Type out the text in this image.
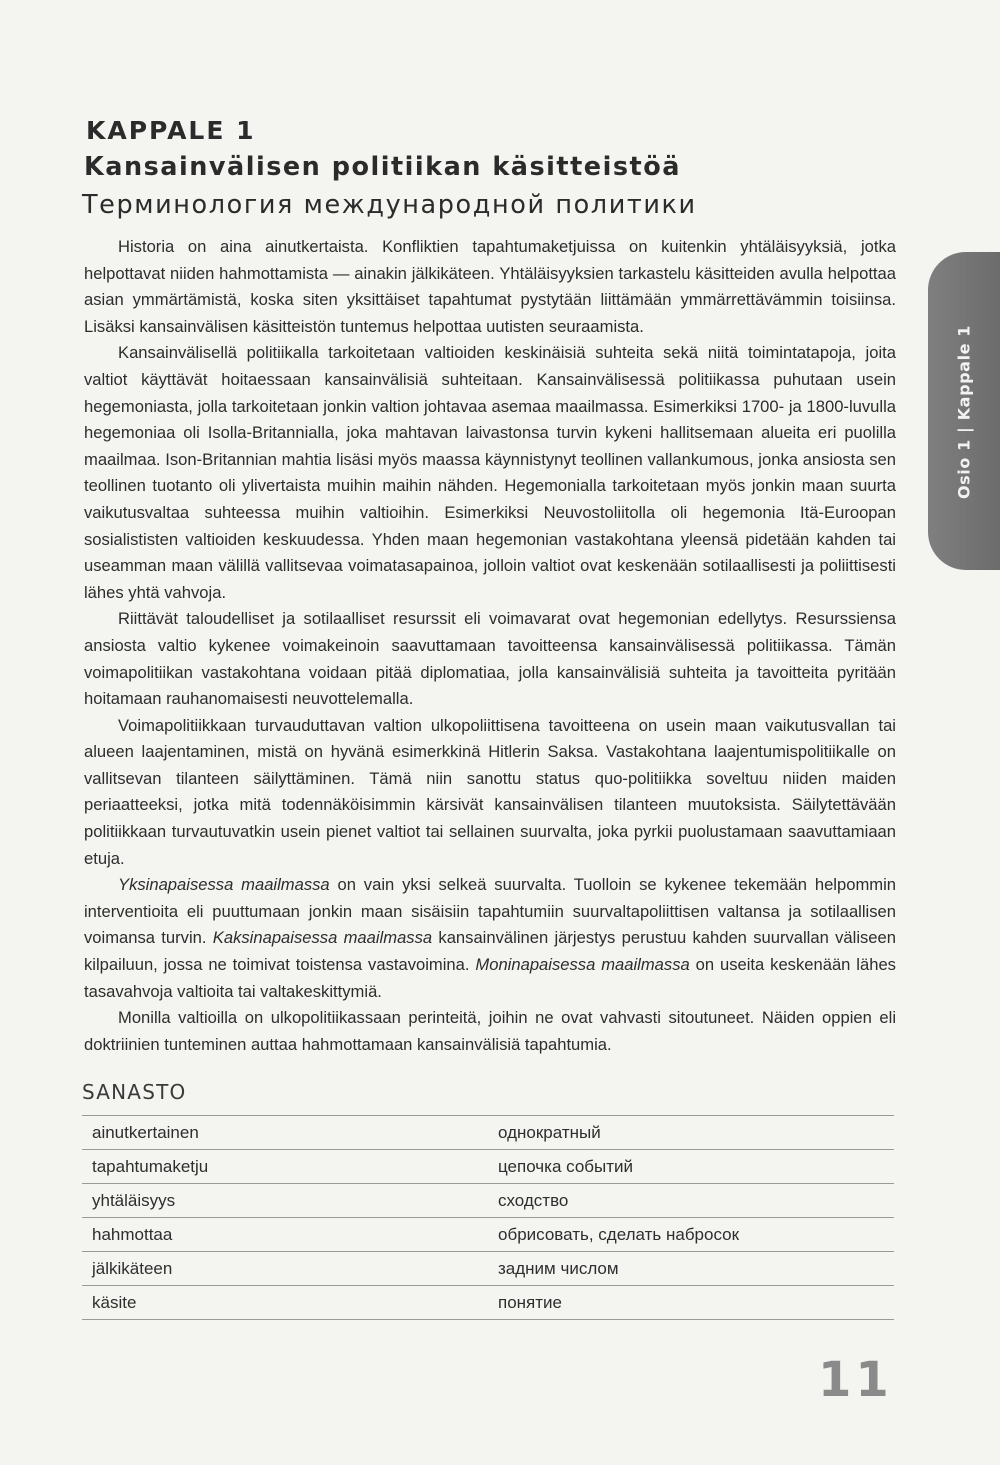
KAPPALE 1
Kansainvälisen politiikan käsitteistöä
Терминология международной политики
Osio 1 | Kappale 1

Historia on aina ainutkertaista. Konfliktien tapahtumaketjuissa on kuitenkin yhtäläisyyksiä, jotka helpottavat niiden hahmottamista — ainakin jälkikäteen. Yhtäläisyyksien tarkastelu käsitteiden avulla helpottaa asian ymmärtämistä, koska siten yksittäiset tapahtumat pystytään liittämään ymmärrettävämmin toisiinsa. Lisäksi kansainvälisen käsitteistön tuntemus helpottaa uutisten seuraamista.

Kansainvälisellä politiikalla tarkoitetaan valtioiden keskinäisiä suhteita sekä niitä toimintatapoja, joita valtiot käyttävät hoitaessaan kansainvälisiä suhteitaan. Kansainvälisessä politiikassa puhutaan usein hegemoniasta, jolla tarkoitetaan jonkin valtion johtavaa asemaa maailmassa. Esimerkiksi 1700- ja 1800-luvulla hegemoniaa oli Isolla-Britannialla, joka mahtavan laivastonsa turvin kykeni hallitsemaan alueita eri puolilla maailmaa. Ison-Britannian mahtia lisäsi myös maassa käynnistynyt teollinen vallankumous, jonka ansiosta sen teollinen tuotanto oli ylivertaista muihin maihin nähden. Hegemonialla tarkoitetaan myös jonkin maan suurta vaikutusvaltaa suhteessa muihin valtioihin. Esimerkiksi Neuvostoliitolla oli hegemonia Itä-Euroopan sosialististen valtioiden keskuudessa. Yhden maan hegemonian vastakohtana yleensä pidetään kahden tai useamman maan välillä vallitsevaa voimatasapainoa, jolloin valtiot ovat keskenään sotilaallisesti ja poliittisesti lähes yhtä vahvoja.

Riittävät taloudelliset ja sotilaalliset resurssit eli voimavarat ovat hegemonian edellytys. Resurssiensa ansiosta valtio kykenee voimakeinoin saavuttamaan tavoitteensa kansainvälisessä politiikassa. Tämän voimapolitiikan vastakohtana voidaan pitää diplomatiaa, jolla kansainvälisiä suhteita ja tavoitteita pyritään hoitamaan rauhanomaisesti neuvottelemalla.

Voimapolitiikkaan turvauduttavan valtion ulkopoliittisena tavoitteena on usein maan vaikutusvallan tai alueen laajentaminen, mistä on hyvänä esimerkkinä Hitlerin Saksa. Vastakohtana laajentumispolitiikalle on vallitsevan tilanteen säilyttäminen. Tämä niin sanottu status quo-politiikka soveltuu niiden maiden periaatteeksi, jotka mitä todennäköisimmin kärsivät kansainvälisen tilanteen muutoksista. Säilytettävään politiikkaan turvautuvatkin usein pienet valtiot tai sellainen suurvalta, joka pyrkii puolustamaan saavuttamiaan etuja.

Yksinapaisessa maailmassa on vain yksi selkeä suurvalta. Tuolloin se kykenee tekemään helpommin interventioita eli puuttumaan jonkin maan sisäisiin tapahtumiin suurvaltapoliittisen valtansa ja sotilaallisen voimansa turvin. Kaksinapaisessa maailmassa kansainvälinen järjestys perustuu kahden suurvallan väliseen kilpailuun, jossa ne toimivat toistensa vastavoimina. Moninapaisessa maailmassa on useita keskenään lähes tasavahvoja valtioita tai valtakeskittymiä.

Monilla valtioilla on ulkopolitiikassaan perinteitä, joihin ne ovat vahvasti sitoutuneet. Näiden oppien eli doktriinien tunteminen auttaa hahmottamaan kansainvälisiä tapahtumia.

SANASTO
ainutkertainen	однократный
tapahtumaketju	цепочка событий
yhtäläisyys	сходство
hahmottaa	обрисовать, сделать набросок
jälkikäteen	задним числом
käsite	понятие
11
